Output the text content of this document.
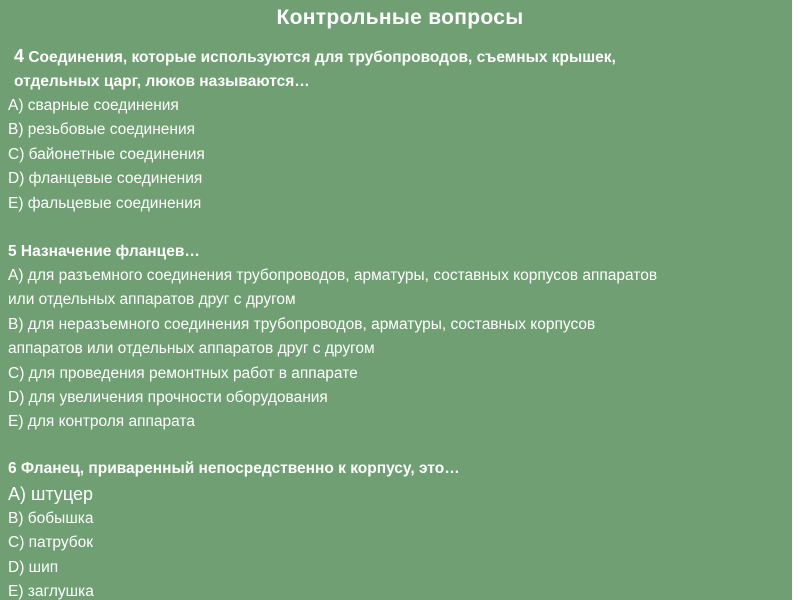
Контрольные вопросы
4 Соединения, которые используются для трубопроводов, съемных крышек,
отдельных царг, люков называются…
A) сварные соединения
B) резьбовые соединения
C) байонетные соединения
D) фланцевые соединения
E) фальцевые соединения
5 Назначение фланцев…
A) для разъемного соединения трубопроводов, арматуры, составных корпусов аппаратов
или отдельных аппаратов друг с другом
B) для неразъемного соединения трубопроводов, арматуры, составных корпусов
аппаратов или отдельных аппаратов друг с другом
C) для проведения ремонтных работ в аппарате
D) для увеличения прочности оборудования
E) для контроля аппарата
6 Фланец, приваренный непосредственно к корпусу, это…
A) штуцер
B) бобышка
C) патрубок
D) шип
E) заглушка
